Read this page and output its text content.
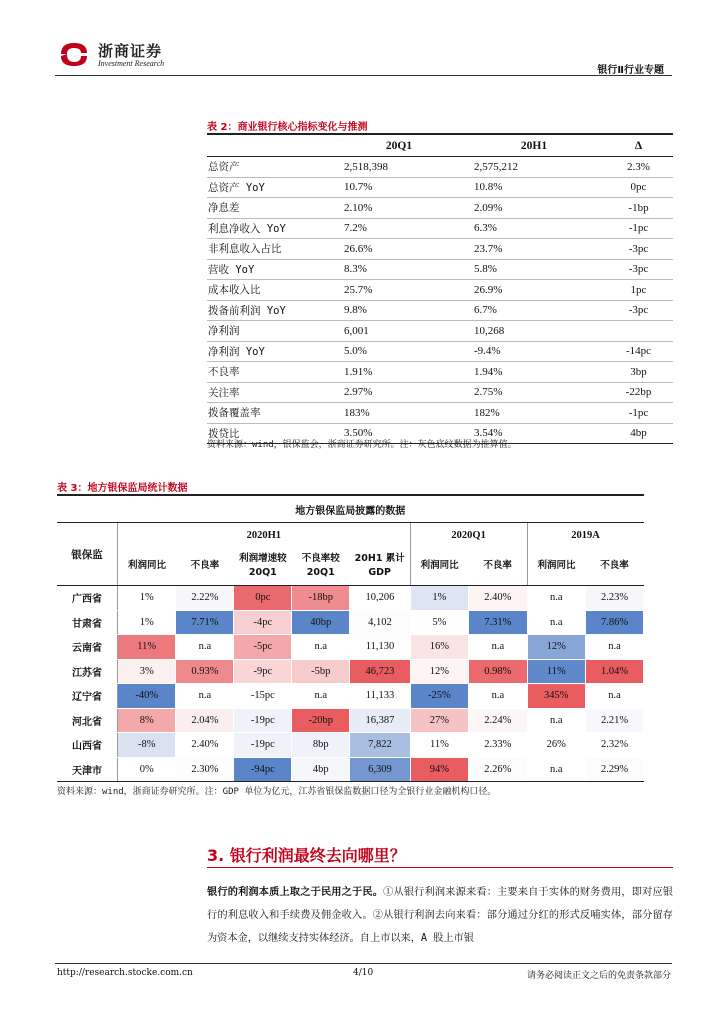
浙商证券
Investment Research
银行Ⅱ行业专题
表 2：商业银行核心指标变化与推测
	20Q1	20H1	Δ
总资产	2,518,398	2,575,212	2.3%
总资产 YoY	10.7%	10.8%	0pc
净息差	2.10%	2.09%	-1bp
利息净收入 YoY	7.2%	6.3%	-1pc
非利息收入占比	26.6%	23.7%	-3pc
营收 YoY	8.3%	5.8%	-3pc
成本收入比	25.7%	26.9%	1pc
拨备前利润 YoY	9.8%	6.7%	-3pc
净利润	6,001	10,268	
净利润 YoY	5.0%	-9.4%	-14pc
不良率	1.91%	1.94%	3bp
关注率	2.97%	2.75%	-22bp
拨备覆盖率	183%	182%	-1pc
拨贷比	3.50%	3.54%	4bp
资料来源：wind，银保监会，浙商证券研究所。注：灰色底纹数据为推算值。
表 3：地方银保监局统计数据
地方银保监局披露的数据									
银保监	2020H1					2020Q1		2019A	
	利润同比	不良率	利润增速较 20Q1	不良率较20Q1	20H1 累计 GDP	利润同比	不良率	利润同比	不良率
广西省	1%	2.22%	0pc	-18bp	10,206	1%	2.40%	n.a	2.23%
甘肃省	1%	7.71%	-4pc	40bp	4,102	5%	7.31%	n.a	7.86%
云南省	11%	n.a	-5pc	n.a	11,130	16%	n.a	12%	n.a
江苏省	3%	0.93%	-9pc	-5bp	46,723	12%	0.98%	11%	1.04%
辽宁省	-40%	n.a	-15pc	n.a	11,133	-25%	n.a	345%	n.a
河北省	8%	2.04%	-19pc	-20bp	16,387	27%	2.24%	n.a	2.21%
山西省	-8%	2.40%	-19pc	8bp	7,822	11%	2.33%	26%	2.32%
天津市	0%	2.30%	-94pc	4bp	6,309	94%	2.26%	n.a	2.29%
资料来源：wind，浙商证券研究所。注：GDP 单位为亿元，江苏省银保监数据口径为全银行业金融机构口径。
3. 银行利润最终去向哪里？
银行的利润本质上取之于民用之于民。①从银行利润来源来看：主要来自于实体的财务费用，即对应银行的利息收入和手续费及佣金收入。②从银行利润去向来看：部分通过分红的形式反哺实体，部分留存为资本金，以继续支持实体经济。自上市以来，A 股上市银
http://research.stocke.com.cn	4/10	请务必阅读正文之后的免责条款部分
